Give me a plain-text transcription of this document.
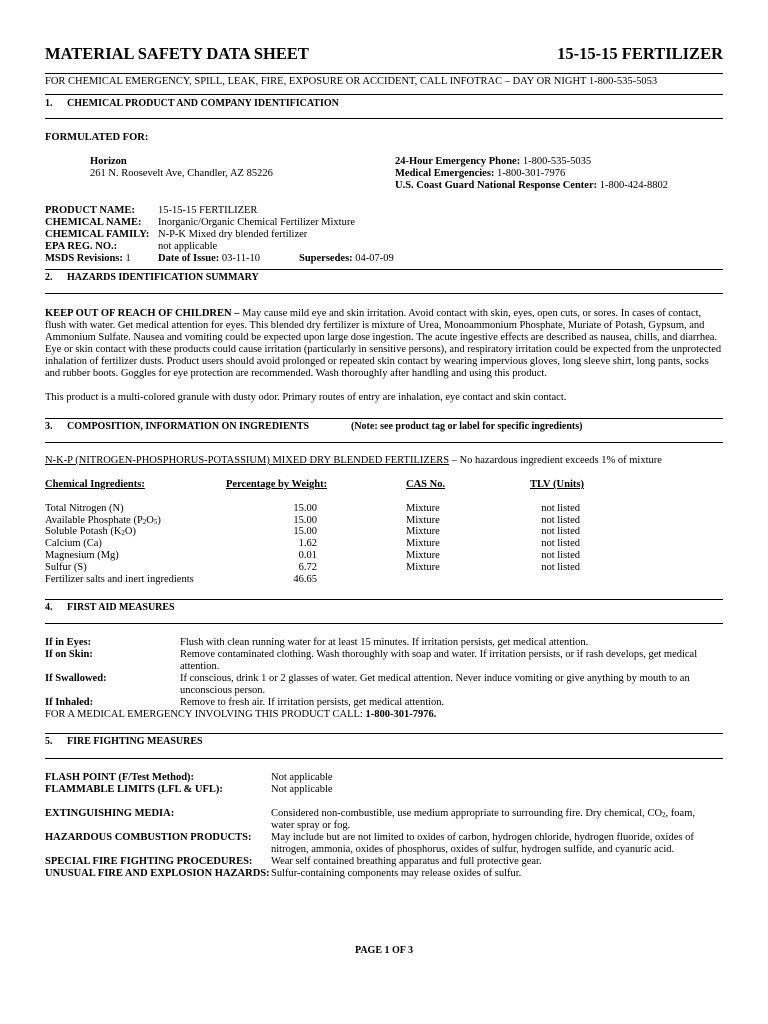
MATERIAL SAFETY DATA SHEET	15-15-15 FERTILIZER

FOR CHEMICAL EMERGENCY, SPILL, LEAK, FIRE, EXPOSURE OR ACCIDENT, CALL INFOTRAC – DAY OR NIGHT 1-800-535-5053

1. CHEMICAL PRODUCT AND COMPANY IDENTIFICATION

FORMULATED FOR:

Horizon

261 N. Roosevelt Ave, Chandler, AZ 85226

24-Hour Emergency Phone: 1-800-535-5035

Medical Emergencies: 1-800-301-7976

U.S. Coast Guard National Response Center: 1-800-424-8802

PRODUCT NAME:	15-15-15 FERTILIZER

CHEMICAL NAME:	Inorganic/Organic Chemical Fertilizer Mixture

CHEMICAL FAMILY: N-P-K Mixed dry blended fertilizer

EPA REG. NO.:	not applicable

MSDS Revisions: 1	Date of Issue: 03-11-10	Supersedes: 04-07-09

2. HAZARDS IDENTIFICATION SUMMARY

KEEP OUT OF REACH OF CHILDREN – May cause mild eye and skin irritation. Avoid contact with skin, eyes, open cuts, or sores. In cases of contact, flush with water. Get medical attention for eyes. This blended dry fertilizer is mixture of Urea, Monoammonium Phosphate, Muriate of Potash, Gypsum, and Ammonium Sulfate. Nausea and vomiting could be expected upon large dose ingestion. The acute ingestive effects are described as nausea, chills, and diarrhea. Eye or skin contact with these products could cause irritation (particularly in sensitive persons), and respiratory irritation could be expected from the unprotected inhalation of fertilizer dusts. Product users should avoid prolonged or repeated skin contact by wearing impervious gloves, long sleeve shirt, long pants, socks and rubber boots. Goggles for eye protection are recommended. Wash thoroughly after handling and using this product.

This product is a multi-colored granule with dusty odor. Primary routes of entry are inhalation, eye contact and skin contact.

3.	COMPOSITION, INFORMATION ON INGREDIENTS	(Note: see product tag or label for specific ingredients)

N-K-P (NITROGEN-PHOSPHORUS-POTASSIUM) MIXED DRY BLENDED FERTILIZERS – No hazardous ingredient exceeds 1% of mixture

Chemical Ingredients:	Percentage by Weight:	CAS No.	TLV (Units)

Total Nitrogen (N)	15.00	Mixture	not listed
Available Phosphate $(P_2O_5)$	15.00	Mixture	not listed
Soluble Potash $(K_2O)$	15.00	Mixture	not listed
Calcium (Ca)	1.62	Mixture	not listed
Magnesium (Mg)	0.01	Mixture	not listed
Sulfur (S)	6.72	Mixture	not listed
Fertilizer salts and inert ingredients	46.65		
4. FIRST AID MEASURES

If in Eyes:	Flush with clean running water for at least 15 minutes. If irritation persists, get medical attention.

If on Skin:	Remove contaminated clothing. Wash thoroughly with soap and water. If irritation persists, or if rash develops, get medical attention.

If Swallowed:	If conscious, drink 1 or 2 glasses of water. Get medical attention. Never induce vomiting or give anything by mouth to an unconscious person.

If Inhaled:	Remove to fresh air. If irritation persists, get medical attention.

FOR A MEDICAL EMERGENCY INVOLVING THIS PRODUCT CALL: 1-800-301-7976.

5. FIRE FIGHTING MEASURES

FLASH POINT (F/Test Method):	Not applicable

FLAMMABLE LIMITS (LFL & UFL):	Not applicable

EXTINGUISHING MEDIA:	Considered non-combustible, use medium appropriate to surrounding fire. Dry chemical, $CO_2$, foam, water spray or fog.

HAZARDOUS COMBUSTION PRODUCTS:	May include but are not limited to oxides of carbon, hydrogen chloride, hydrogen fluoride, oxides of nitrogen, ammonia, oxides of phosphorus, oxides of sulfur, hydrogen sulfide, and cyanuric acid.

SPECIAL FIRE FIGHTING PROCEDURES:	Wear self contained breathing apparatus and full protective gear.

UNUSUAL FIRE AND EXPLOSION HAZARDS: Sulfur-containing components may release oxides of sulfur.

PAGE 1 OF 3
